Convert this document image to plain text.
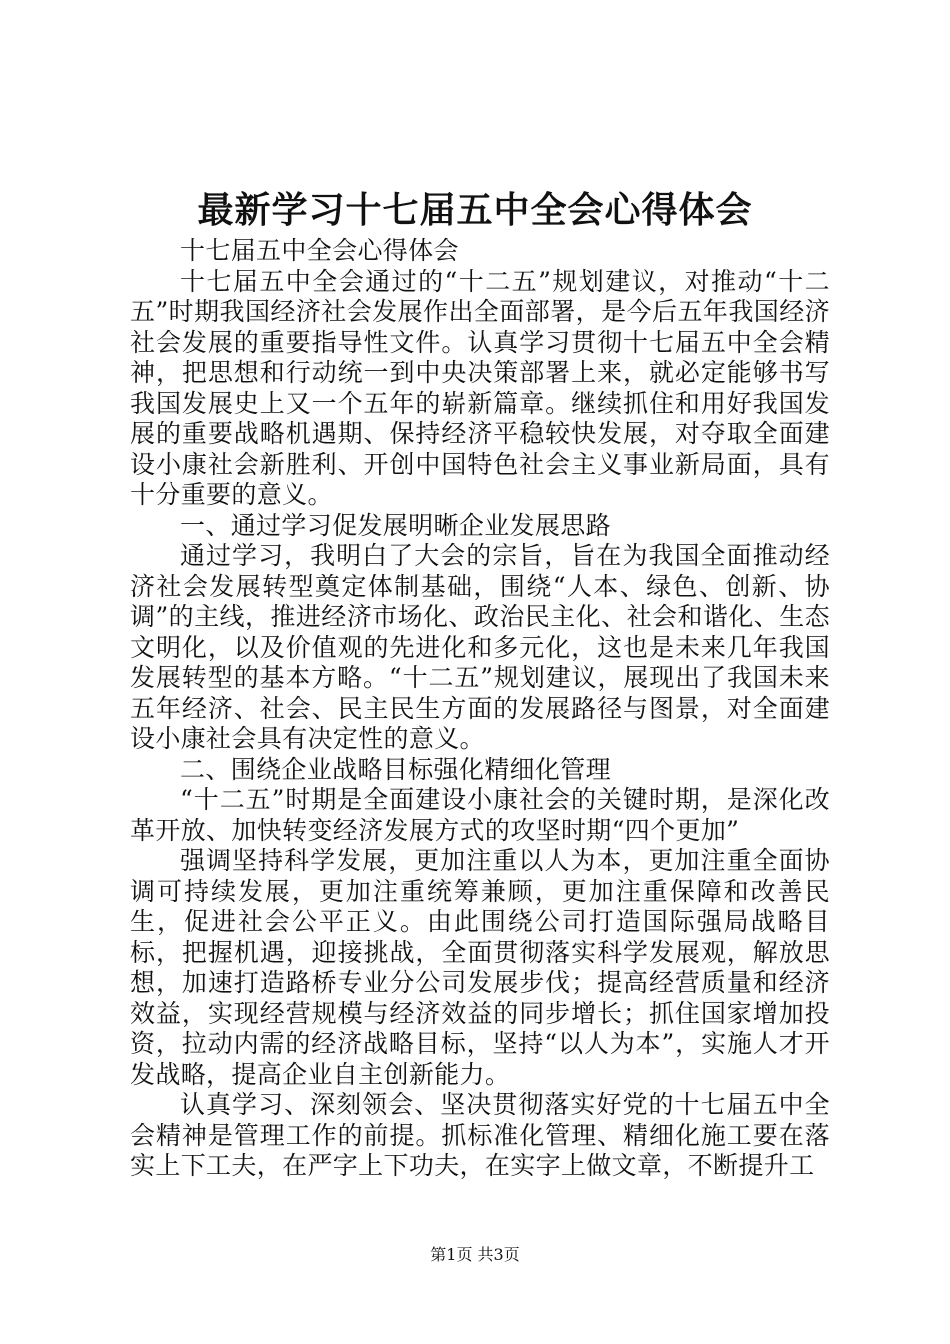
最新学习十七届五中全会心得体会

十七届五中全会心得体会

十七届五中全会通过的“十二五”规划建议，对推动“十二五”时期我国经济社会发展作出全面部署，是今后五年我国经济社会发展的重要指导性文件。认真学习贯彻十七届五中全会精神，把思想和行动统一到中央决策部署上来，就必定能够书写我国发展史上又一个五年的崭新篇章。继续抓住和用好我国发展的重要战略机遇期、保持经济平稳较快发展，对夺取全面建设小康社会新胜利、开创中国特色社会主义事业新局面，具有十分重要的意义。

一、通过学习促发展明晰企业发展思路

通过学习，我明白了大会的宗旨，旨在为我国全面推动经济社会发展转型奠定体制基础，围绕“人本、绿色、创新、协调”的主线，推进经济市场化、政治民主化、社会和谐化、生态文明化，以及价值观的先进化和多元化，这也是未来几年我国发展转型的基本方略。“十二五”规划建议，展现出了我国未来五年经济、社会、民主民生方面的发展路径与图景，对全面建设小康社会具有决定性的意义。

二、围绕企业战略目标强化精细化管理

“十二五”时期是全面建设小康社会的关键时期，是深化改革开放、加快转变经济发展方式的攻坚时期“四个更加”

强调坚持科学发展，更加注重以人为本，更加注重全面协调可持续发展，更加注重统筹兼顾，更加注重保障和改善民生，促进社会公平正义。由此围绕公司打造国际强局战略目标，把握机遇，迎接挑战，全面贯彻落实科学发展观，解放思想，加速打造路桥专业分公司发展步伐；提高经营质量和经济效益，实现经营规模与经济效益的同步增长；抓住国家增加投资，拉动内需的经济战略目标，坚持“以人为本”，实施人才开发战略，提高企业自主创新能力。

认真学习、深刻领会、坚决贯彻落实好党的十七届五中全会精神是管理工作的前提。抓标准化管理、精细化施工要在落实上下工夫，在严字上下功夫，在实字上做文章，不断提升工

第1页 共3页
